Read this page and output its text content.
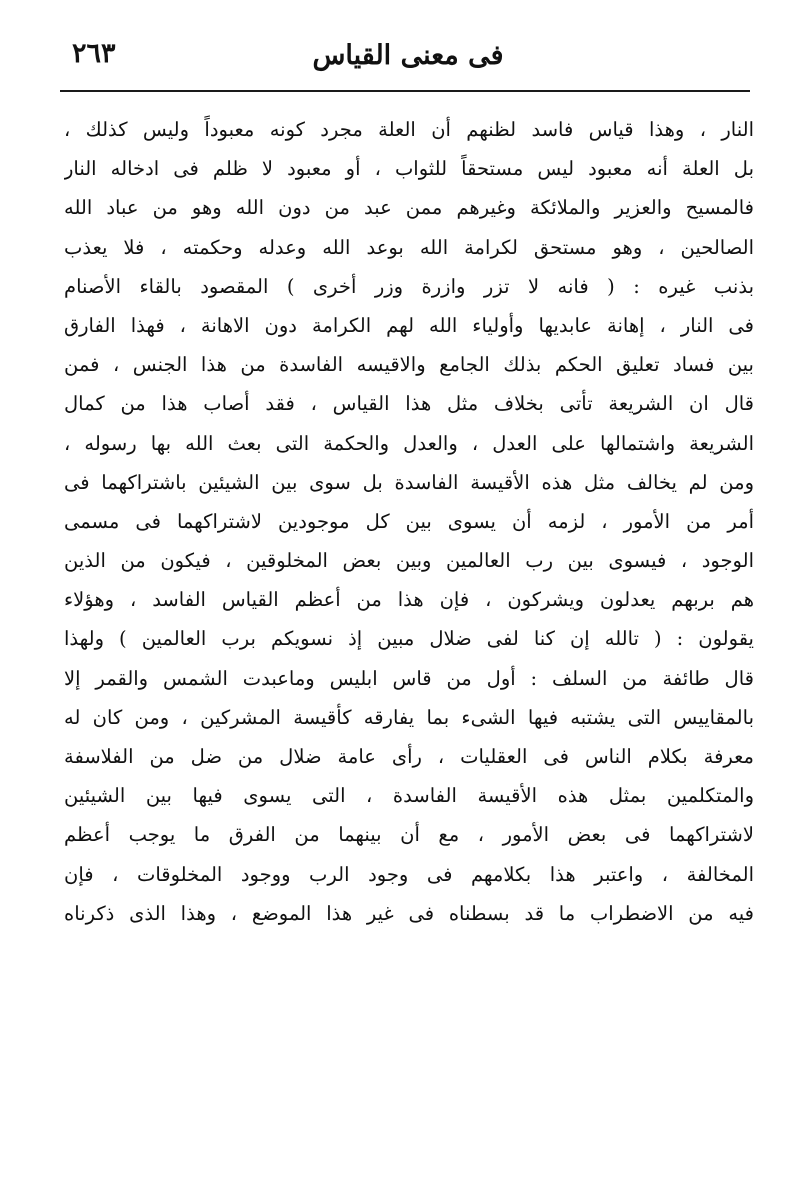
فى معنى القياس
٢٦٣
النار ، وهذا قياس فاسد لظنهم أن العلة مجرد كونه معبوداً وليس كذلك ،
بل العلة أنه معبود ليس مستحقاً للثواب ، أو معبود لا ظلم فى ادخاله النار
فالمسيح والعزير والملائكة وغيرهم ممن عبد من دون الله وهو من عباد الله
الصالحين ، وهو مستحق لكرامة الله بوعد الله وعدله وحكمته ، فلا يعذب
بذنب غيره : ( فانه لا تزر وازرة وزر أخرى ) المقصود بالقاء الأصنام
فى النار ، إهانة عابديها وأولياء الله لهم الكرامة دون الاهانة ، فهذا الفارق
بين فساد تعليق الحكم بذلك الجامع والاقيسه الفاسدة من هذا الجنس ، فمن
قال ان الشريعة تأتى بخلاف مثل هذا القياس ، فقد أصاب هذا من كمال
الشريعة واشتمالها على العدل ، والعدل والحكمة التى بعث الله بها رسوله ،
ومن لم يخالف مثل هذه الأقيسة الفاسدة بل سوى بين الشيئين باشتراكهما فى
أمر من الأمور ، لزمه أن يسوى بين كل موجودين لاشتراكهما فى مسمى
الوجود ، فيسوى بين رب العالمين وبين بعض المخلوقين ، فيكون من الذين
هم بربهم يعدلون ويشركون ، فإن هذا من أعظم القياس الفاسد ، وهؤلاء
يقولون : ( تالله إن كنا لفى ضلال مبين إذ نسويكم برب العالمين ) ولهذا
قال طائفة من السلف : أول من قاس ابليس وماعبدت الشمس والقمر إلا
بالمقاييس التى يشتبه فيها الشىء بما يفارقه كأقيسة المشركين ، ومن كان له
معرفة بكلام الناس فى العقليات ، رأى عامة ضلال من ضل من الفلاسفة
والمتكلمين بمثل هذه الأقيسة الفاسدة ، التى يسوى فيها بين الشيئين
لاشتراكهما فى بعض الأمور ، مع أن بينهما من الفرق ما يوجب أعظم
المخالفة ، واعتبر هذا بكلامهم فى وجود الرب ووجود المخلوقات ، فإن
فيه من الاضطراب ما قد بسطناه فى غير هذا الموضع ، وهذا الذى ذكرناه
